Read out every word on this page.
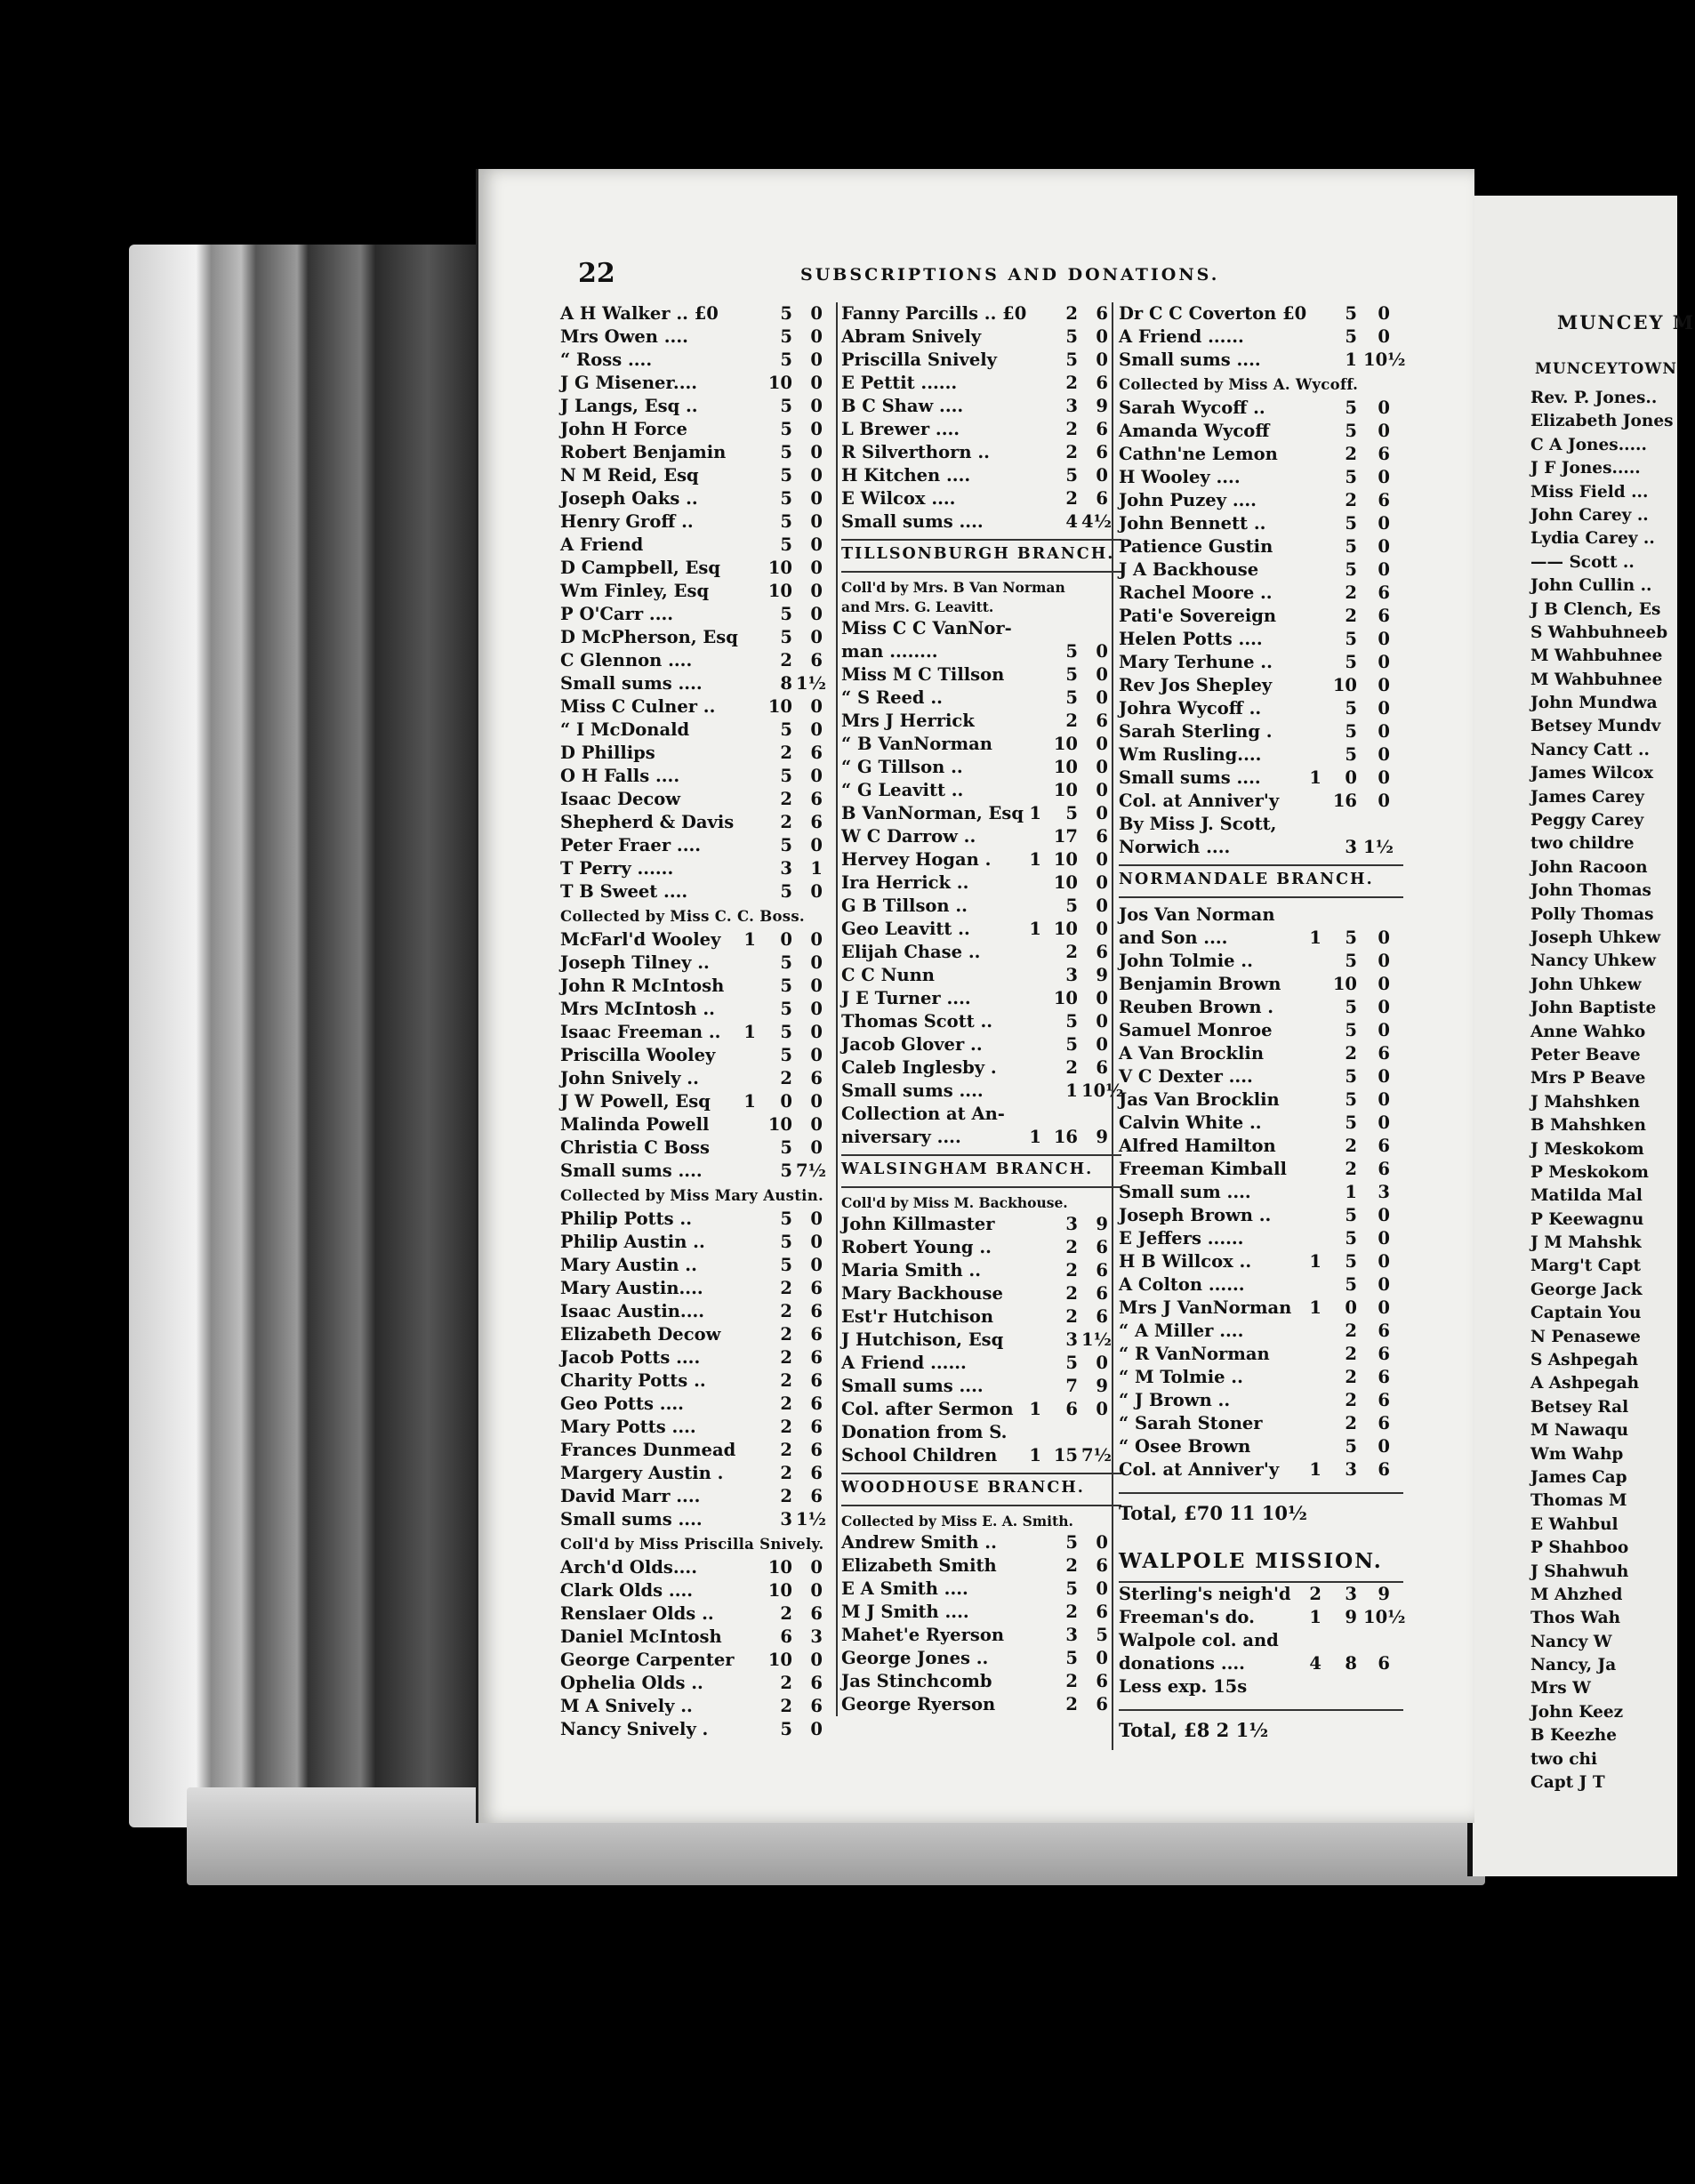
MUNCEY M
MUNCEYTOWN
Rev. P. Jones..
Elizabeth Jones
C A Jones.....
J F Jones.....
Miss Field ...
John Carey ..
Lydia Carey ..
—— Scott ..
John Cullin ..
J B Clench, Es
S Wahbuhneeb
M Wahbuhnee
M Wahbuhnee
John Mundwa
Betsey Mundv
Nancy Catt ..
James Wilcox
James Carey
Peggy Carey
two childre
John Racoon
John Thomas
Polly Thomas
Joseph Uhkew
Nancy Uhkew
John Uhkew
John Baptiste
Anne Wahko
Peter Beave
Mrs P Beave
J Mahshken
B Mahshken
J Meskokom
P Meskokom
Matilda Mal
P Keewagnu
J M Mahshk
Marg't Capt
George Jack
Captain You
N Penasewe
S Ashpegah
A Ashpegah
Betsey Ral
M Nawaqu
Wm Wahp
James Cap
Thomas M
E Wahbul
P Shahboo
J Shahwuh
M Ahzhed
Thos Wah
Nancy W
Nancy, Ja
Mrs W
John Keez
B Keezhe
two chi
Capt J T
22	SUBSCRIPTIONS AND DONATIONS.
A H Walker .. £0	5	0
Mrs Owen ....	5	0
“ Ross ....	5	0
J G Misener....	10	0
J Langs, Esq ..	5	0
John H Force	5	0
Robert Benjamin	5	0
N M Reid, Esq	5	0
Joseph Oaks ..	5	0
Henry Groff ..	5	0
A Friend	5	0
D Campbell, Esq	10	0
Wm Finley, Esq	10	0
P O'Carr ....	5	0
D McPherson, Esq	5	0
C Glennon ....	2	6
Small sums ....	8 1½
Miss C Culner ..	10	0
“ I McDonald	5	0
D Phillips	2	6
O H Falls ....	5	0
Isaac Decow	2	6
Shepherd & Davis	2	6
Peter Fraer ....	5	0
T Perry ......	3	1
T B Sweet ....	5	0
Collected by Miss C. C. Boss.
McFarl'd Wooley	1	0	0
Joseph Tilney ..	5	0
John R McIntosh	5	0
Mrs McIntosh ..	5	0
Isaac Freeman ..	1	5	0
Priscilla Wooley	5	0
John Snively ..	2	6
J W Powell, Esq	1	0	0
Malinda Powell	10	0
Christia C Boss	5	0
Small sums ....	5 7½
Collected by Miss Mary Austin.
Philip Potts ..	5	0
Philip Austin ..	5	0
Mary Austin ..	5	0
Mary Austin....	2	6
Isaac Austin....	2	6
Elizabeth Decow	2	6
Jacob Potts ....	2	6
Charity Potts ..	2	6
Geo Potts ....	2	6
Mary Potts ....	2	6
Frances Dunmead	2	6
Margery Austin .	2	6
David Marr ....	2	6
Small sums ....	3 1½
Coll'd by Miss Priscilla Snively.
Arch'd Olds....	10	0
Clark Olds ....	10	0
Renslaer Olds ..	2	6
Daniel McIntosh	6	3
George Carpenter	10	0
Ophelia Olds ..	2	6
M A Snively ..	2	6
Nancy Snively .	5	0
Fanny Parcills .. £0	2	6
Abram Snively	5	0
Priscilla Snively	5	0
E Pettit ......	2	6
B C Shaw ....	3	9
L Brewer ....	2	6
R Silverthorn ..	2	6
H Kitchen ....	5	0
E Wilcox ....	2	6
Small sums ....	4 4½
TILLSONBURGH BRANCH.
Coll'd by Mrs. B Van Norman
and Mrs. G. Leavitt.
Miss C C VanNor-
man ........	5	0
Miss M C Tillson	5	0
“ S Reed ..	5	0
Mrs J Herrick	2	6
“ B VanNorman	10	0
“ G Tillson ..	10	0
“ G Leavitt ..	10	0
B VanNorman, Esq 1	5	0
W C Darrow ..	17	6
Hervey Hogan .	1 10	0
Ira Herrick ..	10	0
G B Tillson ..	5	0
Geo Leavitt ..	1 10	0
Elijah Chase ..	2	6
C C Nunn	3	9
J E Turner ....	10	0
Thomas Scott ..	5	0
Jacob Glover ..	5	0
Caleb Inglesby .	2	6
Small sums ....	1 10½
Collection at An-
niversary ....	1 16	9
WALSINGHAM BRANCH.
Coll'd by Miss M. Backhouse.
John Killmaster	3	9
Robert Young ..	2	6
Maria Smith ..	2	6
Mary Backhouse	2	6
Est'r Hutchison	2	6
J Hutchison, Esq	3 1½
A Friend ......	5	0
Small sums ....	7	9
Col. after Sermon 1	6	0
Donation from S.
School Children	1 15 7½
WOODHOUSE BRANCH.
Collected by Miss E. A. Smith.
Andrew Smith ..	5	0
Elizabeth Smith	2	6
E A Smith ....	5	0
M J Smith ....	2	6
Mahet'e Ryerson	3	5
George Jones ..	5	0
Jas Stinchcomb	2	6
George Ryerson	2	6
Dr C C Coverton £0	5	0
A Friend ......	5	0
Small sums ....	1 10½
Collected by Miss A. Wycoff.
Sarah Wycoff ..	5	0
Amanda Wycoff	5	0
Cathn'ne Lemon	2	6
H Wooley ....	5	0
John Puzey ....	2	6
John Bennett ..	5	0
Patience Gustin	5	0
J A Backhouse	5	0
Rachel Moore ..	2	6
Pati'e Sovereign	2	6
Helen Potts ....	5	0
Mary Terhune ..	5	0
Rev Jos Shepley	10	0
Johra Wycoff ..	5	0
Sarah Sterling .	5	0
Wm Rusling....	5	0
Small sums ....	1	0	0
Col. at Anniver'y	16	0
By Miss J. Scott,
Norwich ....	3 1½
NORMANDALE BRANCH.
Jos Van Norman
and Son ....	1	5	0
John Tolmie ..	5	0
Benjamin Brown	10	0
Reuben Brown .	5	0
Samuel Monroe	5	0
A Van Brocklin	2	6
V C Dexter ....	5	0
Jas Van Brocklin	5	0
Calvin White ..	5	0
Alfred Hamilton	2	6
Freeman Kimball	2	6
Small sum ....	1	3
Joseph Brown ..	5	0
E Jeffers ......	5	0
H B Willcox ..	1	5	0
A Colton ......	5	0
Mrs J VanNorman	1	0	0
“ A Miller ....	2	6
“ R VanNorman	2	6
“ M Tolmie ..	2	6
“ J Brown ..	2	6
“ Sarah Stoner	2	6
“ Osee Brown	5	0
Col. at Anniver'y	1	3	6
Total, £70 11 10½
WALPOLE MISSION.
Sterling's neigh'd	2	3	9
Freeman's do.	1	9 10½
Walpole col. and
donations ....	4	8	6
Less exp. 15s
Total, £8 2 1½
